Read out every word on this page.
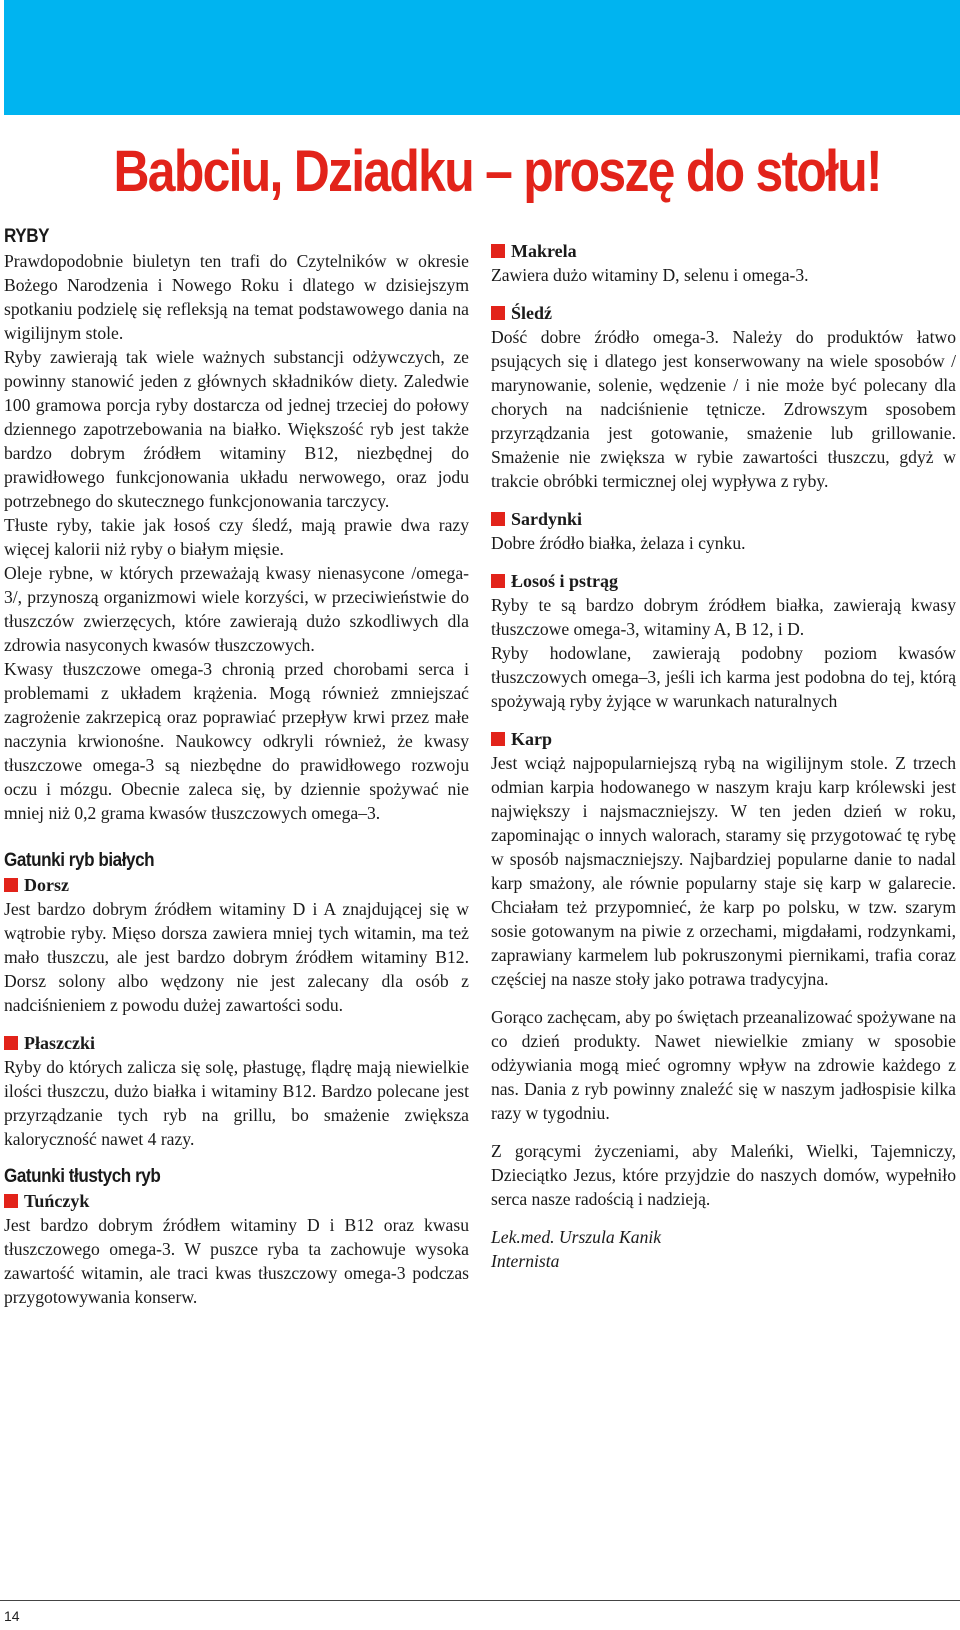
Babciu, Dziadku – proszę do stołu!

RYBY

Prawdopodobnie biuletyn ten trafi do Czytelników w okresie Bożego Narodzenia i Nowego Roku i dlatego w dzisiejszym spotkaniu podzielę się refleksją na temat podstawowego dania na wigilijnym stole.

Ryby zawierają tak wiele ważnych substancji odżywczych, ze powinny stanowić jeden z głównych składników diety. Zaledwie 100 gramowa porcja ryby dostarcza od jednej trzeciej do połowy dziennego zapotrzebowania na białko. Większość ryb jest także bardzo dobrym źródłem witaminy B12, niezbędnej do prawidłowego funkcjonowania układu nerwowego, oraz jodu potrzebnego do skutecznego funkcjonowania tarczycy.

Tłuste ryby, takie jak łosoś czy śledź, mają prawie dwa razy więcej kalorii niż ryby o białym mięsie.

Oleje rybne, w których przeważają kwasy nienasycone /omega-3/, przynoszą organizmowi wiele korzyści, w przeciwieństwie do tłuszczów zwierzęcych, które zawierają dużo szkodliwych dla zdrowia nasyconych kwasów tłuszczowych.

Kwasy tłuszczowe omega-3 chronią przed chorobami serca i problemami z układem krążenia. Mogą również zmniejszać zagrożenie zakrzepicą oraz poprawiać przepływ krwi przez małe naczynia krwionośne. Naukowcy odkryli również, że kwasy tłuszczowe omega-3 są niezbędne do prawidłowego rozwoju oczu i mózgu. Obecnie zaleca się, by dziennie spożywać nie mniej niż 0,2 grama kwasów tłuszczowych omega–3.

Gatunki ryb białych

Dorsz

Jest bardzo dobrym źródłem witaminy D i A znajdującej się w wątrobie ryby. Mięso dorsza zawiera mniej tych witamin, ma też mało tłuszczu, ale jest bardzo dobrym źródłem witaminy B12. Dorsz solony albo wędzony nie jest zalecany dla osób z nadciśnieniem z powodu dużej zawartości sodu.

Płaszczki

Ryby do których zalicza się solę, płastugę, flądrę mają niewielkie ilości tłuszczu, dużo białka i witaminy B12. Bardzo polecane jest przyrządzanie tych ryb na grillu, bo smażenie zwiększa kaloryczność nawet 4 razy.

Gatunki tłustych ryb

Tuńczyk

Jest bardzo dobrym źródłem witaminy D i B12 oraz kwasu tłuszczowego omega-3. W puszce ryba ta zachowuje wysoka zawartość witamin, ale traci kwas tłuszczowy omega-3 podczas przygotowywania konserw.

Makrela

Zawiera dużo witaminy D, selenu i omega-3.

Śledź

Dość dobre źródło omega-3. Należy do produktów łatwo psujących się i dlatego jest konserwowany na wiele sposobów / marynowanie, solenie, wędzenie / i nie może być polecany dla chorych na nadciśnienie tętnicze. Zdrowszym sposobem przyrządzania jest gotowanie, smażenie lub grillowanie. Smażenie nie zwiększa w rybie zawartości tłuszczu, gdyż w trakcie obróbki termicznej olej wypływa z ryby.

Sardynki

Dobre źródło białka, żelaza i cynku.

Łosoś i pstrąg

Ryby te są bardzo dobrym źródłem białka, zawierają kwasy tłuszczowe omega-3, witaminy A, B 12, i D.

Ryby hodowlane, zawierają podobny poziom kwasów tłuszczowych omega–3, jeśli ich karma jest podobna do tej, którą spożywają ryby żyjące w warunkach naturalnych

Karp

Jest wciąż najpopularniejszą rybą na wigilijnym stole. Z trzech odmian karpia hodowanego w naszym kraju karp królewski jest największy i najsmaczniejszy. W ten jeden dzień w roku, zapominając o innych walorach, staramy się przygotować tę rybę w sposób najsmaczniejszy. Najbardziej popularne danie to nadal karp smażony, ale równie popularny staje się karp w galarecie. Chciałam też przypomnieć, że karp po polsku, w tzw. szarym sosie gotowanym na piwie z orzechami, migdałami, rodzynkami, zaprawiany karmelem lub pokruszonymi piernikami, trafia coraz częściej na nasze stoły jako potrawa tradycyjna.

Gorąco zachęcam, aby po świętach przeanalizować spożywane na co dzień produkty. Nawet niewielkie zmiany w sposobie odżywiania mogą mieć ogromny wpływ na zdrowie każdego z nas. Dania z ryb powinny znaleźć się w naszym jadłospisie kilka razy w tygodniu.

Z gorącymi życzeniami, aby Maleńki, Wielki, Tajemniczy, Dzieciątko Jezus, które przyjdzie do naszych domów, wypełniło serca nasze radością i nadzieją.

Lek.med. Urszula Kanik

Internista

14
